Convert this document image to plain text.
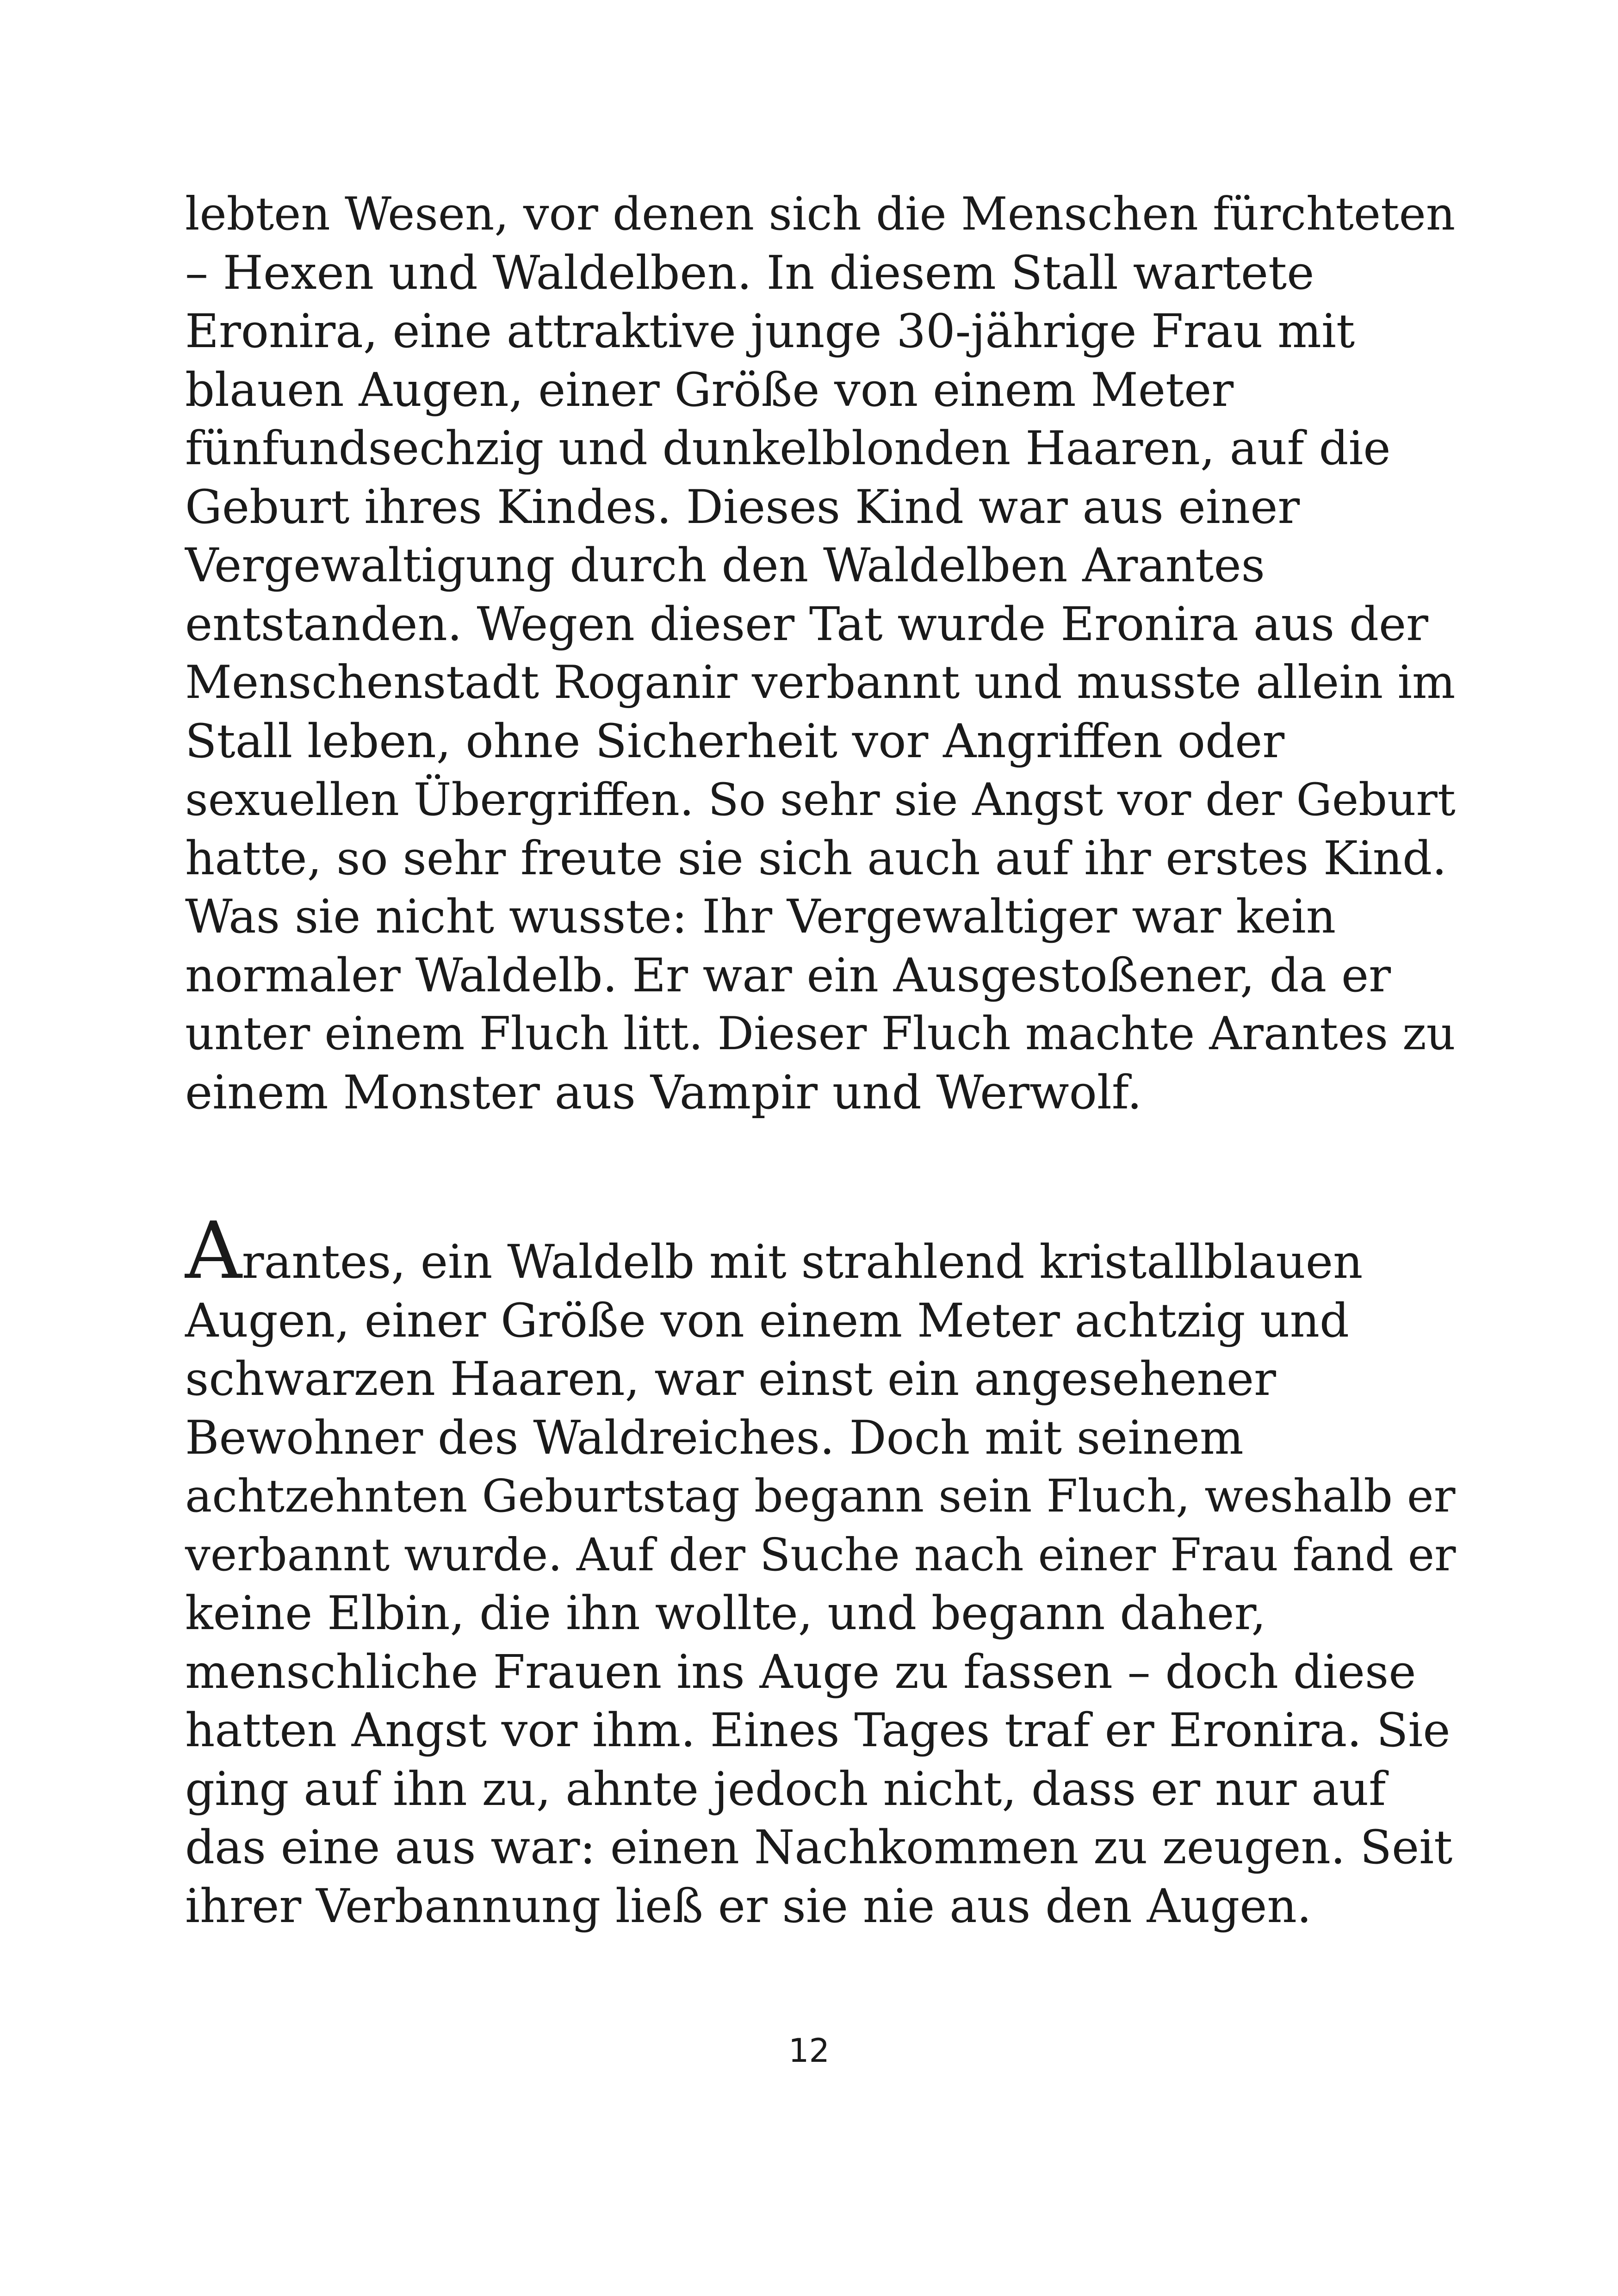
lebten Wesen, vor denen sich die Menschen fürchteten
– Hexen und Waldelben. In diesem Stall wartete
Eronira, eine attraktive junge 30-jährige Frau mit
blauen Augen, einer Größe von einem Meter
fünfundsechzig und dunkelblonden Haaren, auf die
Geburt ihres Kindes. Dieses Kind war aus einer
Vergewaltigung durch den Waldelben Arantes
entstanden. Wegen dieser Tat wurde Eronira aus der
Menschenstadt Roganir verbannt und musste allein im
Stall leben, ohne Sicherheit vor Angriffen oder
sexuellen Übergriffen. So sehr sie Angst vor der Geburt
hatte, so sehr freute sie sich auch auf ihr erstes Kind.
Was sie nicht wusste: Ihr Vergewaltiger war kein
normaler Waldelb. Er war ein Ausgestoßener, da er
unter einem Fluch litt. Dieser Fluch machte Arantes zu
einem Monster aus Vampir und Werwolf.
Arantes, ein Waldelb mit strahlend kristallblauen
Augen, einer Größe von einem Meter achtzig und
schwarzen Haaren, war einst ein angesehener
Bewohner des Waldreiches. Doch mit seinem
achtzehnten Geburtstag begann sein Fluch, weshalb er
verbannt wurde. Auf der Suche nach einer Frau fand er
keine Elbin, die ihn wollte, und begann daher,
menschliche Frauen ins Auge zu fassen – doch diese
hatten Angst vor ihm. Eines Tages traf er Eronira. Sie
ging auf ihn zu, ahnte jedoch nicht, dass er nur auf
das eine aus war: einen Nachkommen zu zeugen. Seit
ihrer Verbannung ließ er sie nie aus den Augen.
12
